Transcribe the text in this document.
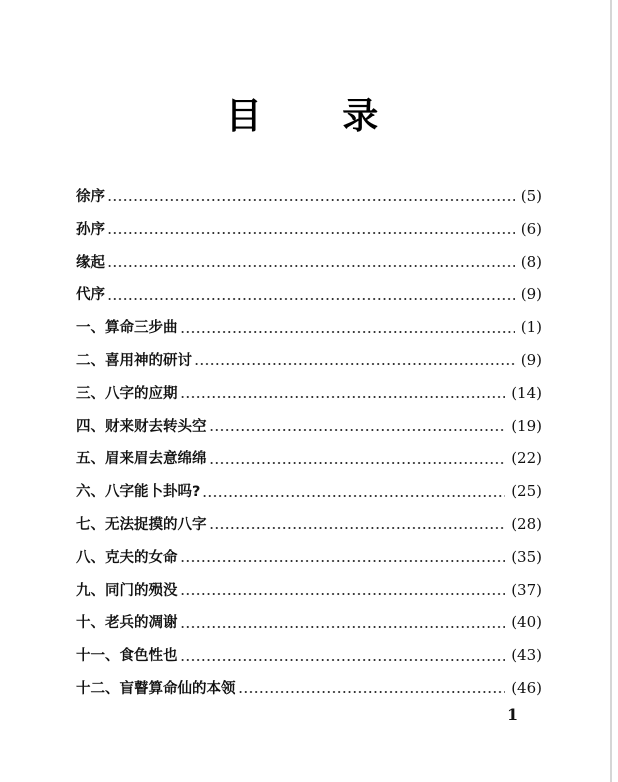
目 录
徐序	(5)
孙序	(6)
缘起	(8)
代序	(9)
一、算命三步曲	(1)
二、喜用神的研讨	(9)
三、八字的应期	(14)
四、财来财去转头空	(19)
五、眉来眉去意绵绵	(22)
六、八字能卜卦吗?	(25)
七、无法捉摸的八字	(28)
八、克夫的女命	(35)
九、同门的殒没	(37)
十、老兵的凋谢	(40)
十一、食色性也	(43)
十二、盲瞽算命仙的本领	(46)
1
